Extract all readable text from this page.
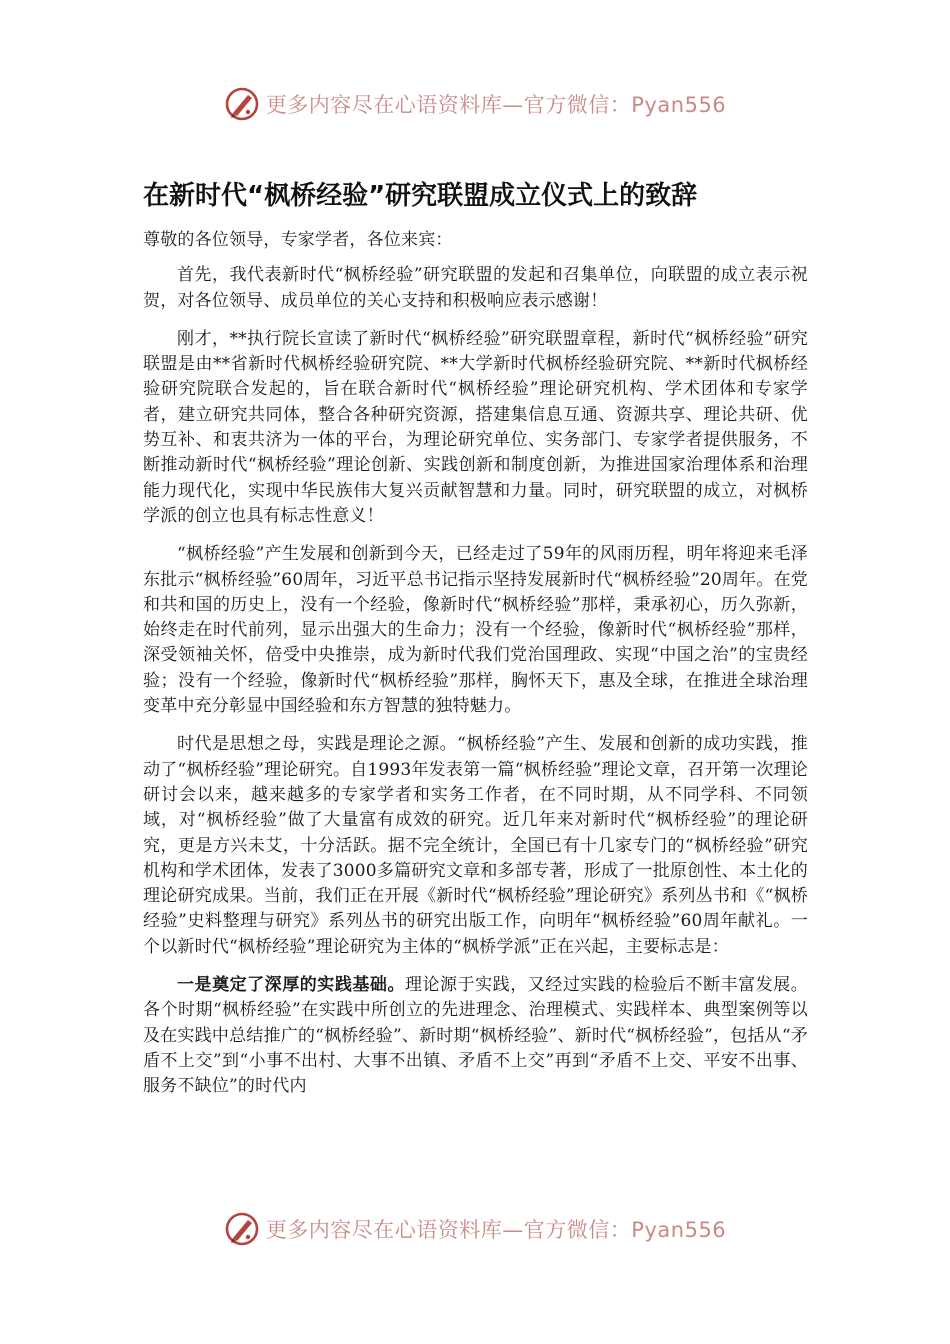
更多内容尽在心语资料库—官方微信：Pyan556
在新时代“枫桥经验”研究联盟成立仪式上的致辞
尊敬的各位领导，专家学者，各位来宾：
首先，我代表新时代“枫桥经验”研究联盟的发起和召集单位，向联盟的成立表示祝贺，对各位领导、成员单位的关心支持和积极响应表示感谢！
刚才，**执行院长宣读了新时代“枫桥经验”研究联盟章程，新时代“枫桥经验”研究联盟是由**省新时代枫桥经验研究院、**大学新时代枫桥经验研究院、**新时代枫桥经验研究院联合发起的，旨在联合新时代“枫桥经验”理论研究机构、学术团体和专家学者，建立研究共同体，整合各种研究资源，搭建集信息互通、资源共享、理论共研、优势互补、和衷共济为一体的平台，为理论研究单位、实务部门、专家学者提供服务，不断推动新时代“枫桥经验”理论创新、实践创新和制度创新，为推进国家治理体系和治理能力现代化，实现中华民族伟大复兴贡献智慧和力量。同时，研究联盟的成立，对枫桥学派的创立也具有标志性意义！
“枫桥经验”产生发展和创新到今天，已经走过了59年的风雨历程，明年将迎来毛泽东批示“枫桥经验”60周年，习近平总书记指示坚持发展新时代“枫桥经验”20周年。在党和共和国的历史上，没有一个经验，像新时代“枫桥经验”那样，秉承初心，历久弥新，始终走在时代前列，显示出强大的生命力；没有一个经验，像新时代“枫桥经验”那样，深受领袖关怀，倍受中央推崇，成为新时代我们党治国理政、实现“中国之治”的宝贵经验；没有一个经验，像新时代“枫桥经验”那样，胸怀天下，惠及全球，在推进全球治理变革中充分彰显中国经验和东方智慧的独特魅力。
时代是思想之母，实践是理论之源。“枫桥经验”产生、发展和创新的成功实践，推动了“枫桥经验”理论研究。自1993年发表第一篇“枫桥经验”理论文章，召开第一次理论研讨会以来，越来越多的专家学者和实务工作者，在不同时期，从不同学科、不同领域，对“枫桥经验”做了大量富有成效的研究。近几年来对新时代“枫桥经验”的理论研究，更是方兴未艾，十分活跃。据不完全统计，全国已有十几家专门的“枫桥经验”研究机构和学术团体，发表了3000多篇研究文章和多部专著，形成了一批原创性、本土化的理论研究成果。当前，我们正在开展《新时代“枫桥经验”理论研究》系列丛书和《“枫桥经验”史料整理与研究》系列丛书的研究出版工作，向明年“枫桥经验”60周年献礼。一个以新时代“枫桥经验”理论研究为主体的“枫桥学派”正在兴起，主要标志是：
一是奠定了深厚的实践基础。理论源于实践，又经过实践的检验后不断丰富发展。各个时期“枫桥经验”在实践中所创立的先进理念、治理模式、实践样本、典型案例等以及在实践中总结推广的“枫桥经验”、新时期“枫桥经验”、新时代“枫桥经验”，包括从“矛盾不上交”到“小事不出村、大事不出镇、矛盾不上交”再到“矛盾不上交、平安不出事、服务不缺位”的时代内
更多内容尽在心语资料库—官方微信：Pyan556
